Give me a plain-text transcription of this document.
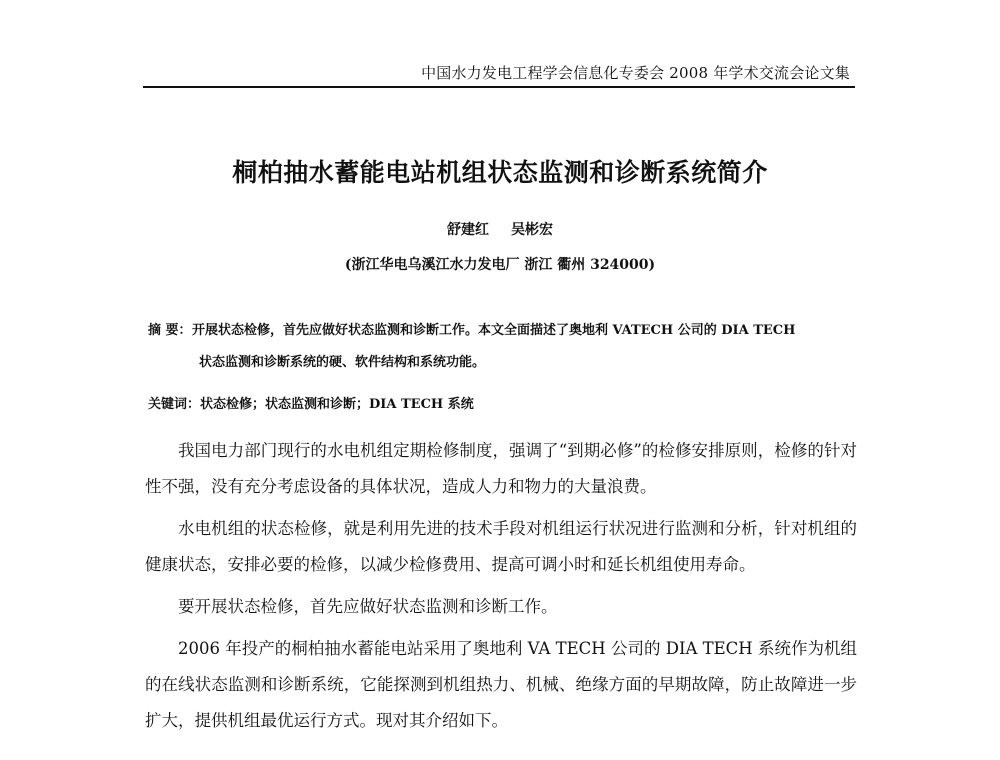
中国水力发电工程学会信息化专委会 2008 年学术交流会论文集
桐柏抽水蓄能电站机组状态监测和诊断系统简介
舒建红 吴彬宏
(浙江华电乌溪江水力发电厂 浙江 衢州 324000)
摘 要：开展状态检修，首先应做好状态监测和诊断工作。本文全面描述了奥地利 VATECH 公司的 DIA TECH
状态监测和诊断系统的硬、软件结构和系统功能。
关键词：状态检修；状态监测和诊断；DIA TECH 系统

我国电力部门现行的水电机组定期检修制度，强调了“到期必修”的检修安排原则，检修的针对性不强，没有充分考虑设备的具体状况，造成人力和物力的大量浪费。

水电机组的状态检修，就是利用先进的技术手段对机组运行状况进行监测和分析，针对机组的健康状态，安排必要的检修，以减少检修费用、提高可调小时和延长机组使用寿命。

要开展状态检修，首先应做好状态监测和诊断工作。

2006 年投产的桐柏抽水蓄能电站采用了奥地利 VA TECH 公司的 DIA TECH 系统作为机组的在线状态监测和诊断系统，它能探测到机组热力、机械、绝缘方面的早期故障，防止故障进一步扩大，提供机组最优运行方式。现对其介绍如下。
